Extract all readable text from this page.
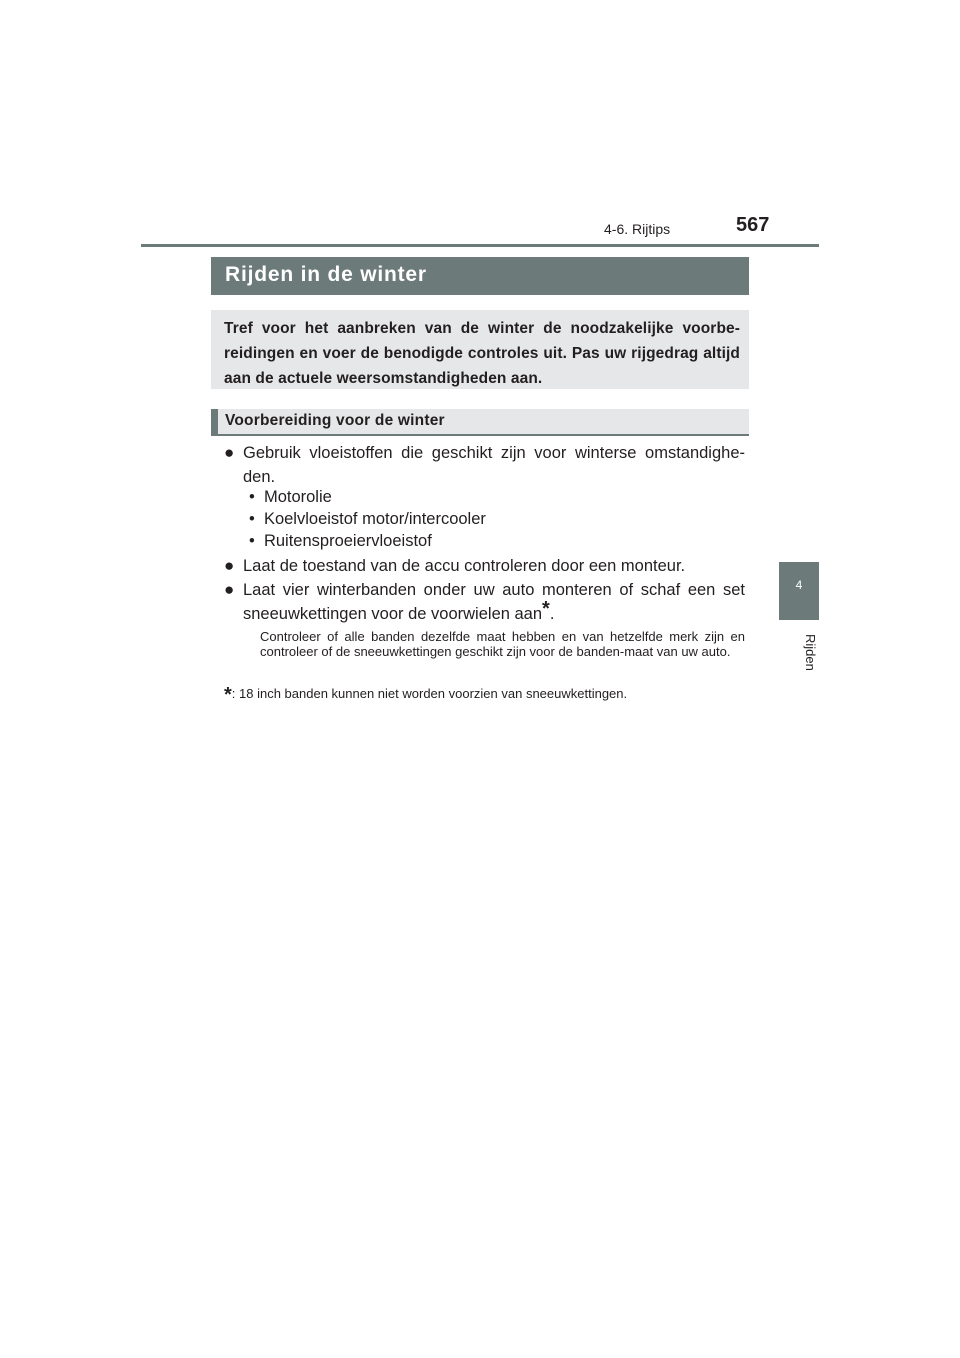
4-6. Rijtips	567
4
Rijden
Rijden in de winter
Tref voor het aanbreken van de winter de noodzakelijke voorbe-reidingen en voer de benodigde controles uit. Pas uw rijgedrag altijd aan de actuele weersomstandigheden aan.
Voorbereiding voor de winter
● Gebruik vloeistoffen die geschikt zijn voor winterse omstandighe-den.
• Motorolie
• Koelvloeistof motor/intercooler
• Ruitensproeiervloeistof
● Laat de toestand van de accu controleren door een monteur.
● Laat vier winterbanden onder uw auto monteren of schaf een set sneeuwkettingen voor de voorwielen aan*.
Controleer of alle banden dezelfde maat hebben en van hetzelfde merk zijn en controleer of de sneeuwkettingen geschikt zijn voor de banden-maat van uw auto.
*: 18 inch banden kunnen niet worden voorzien van sneeuwkettingen.
